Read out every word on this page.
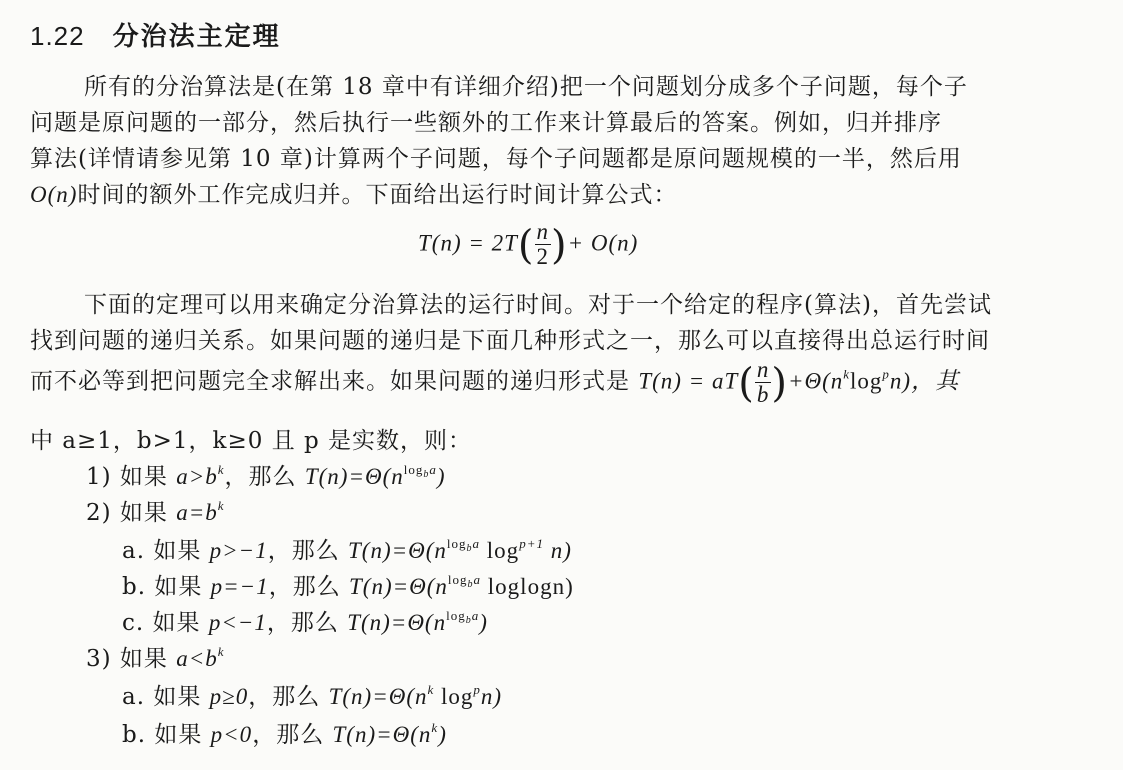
1.22 分治法主定理
所有的分治算法是(在第 18 章中有详细介绍)把一个问题划分成多个子问题，每个子
问题是原问题的一部分，然后执行一些额外的工作来计算最后的答案。例如，归并排序
算法(详情请参见第 10 章)计算两个子问题，每个子问题都是原问题规模的一半，然后用
O(n)时间的额外工作完成归并。下面给出运行时间计算公式：
$T(n) = 2T( \frac{n}{2}$ )+ O(n)
下面的定理可以用来确定分治算法的运行时间。对于一个给定的程序(算法)，首先尝试
找到问题的递归关系。如果问题的递归是下面几种形式之一，那么可以直接得出总运行时间
而不必等到把问题完全求解出来。如果问题的递归形式是 $T(n) = aT( \frac{n}{b} )+\Theta(n^k\log^pn)$，其
中 a≥1，b>1，k≥0 且 p 是实数，则：
1) 如果 $a>b^k$，那么 $T(n)=\Theta(n^{log_ba})$
2) 如果 $a=b^k$
a. 如果 p>−1，那么 $T(n)=\Theta(n^{log_ba}$ $\log^{p+1} n$)
b. 如果 p=−1，那么 $T(n)=\Theta(n^{log_ba}$ loglogn)
c. 如果 p<−1，那么 $T(n)=\Theta(n^{log_ba})$
3) 如果 $a<b^k$
a. 如果 p≥0，那么 $T(n)=\Theta(n^k$ $\log^pn$)
b. 如果 p<0，那么 $T(n)=\Theta(n^k)$
